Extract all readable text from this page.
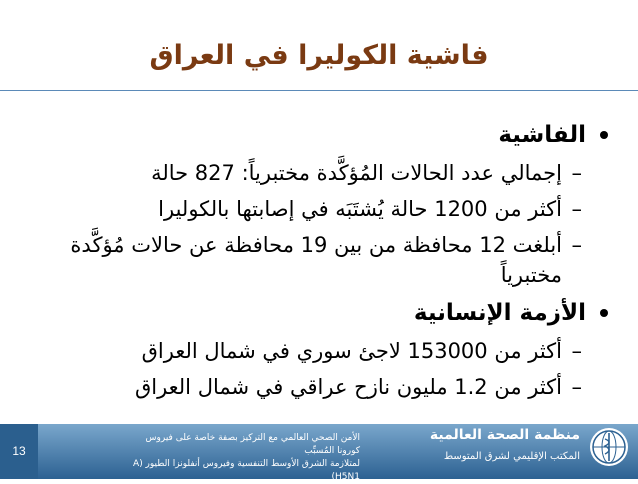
فاشية الكوليرا في العراق
الفاشية
–
إجمالي عدد الحالات المُؤكَّدة مختبرياً: 827 حالة
–
أكثر من 1200 حالة يُشتَبَه في إصابتها بالكوليرا
–
أبلغت 12 محافظة من بين 19 محافظة عن حالات مُؤكَّدة مختبرياً
الأزمة الإنسانية
–
أكثر من 153000 لاجئ سوري في شمال العراق
–
أكثر من 1.2 مليون نازح عراقي في شمال العراق
13
الأمن الصحي العالمي مع التركيز بصفة خاصة على فيروس كورونا المُسبِّب
لمتلازمة الشرق الأوسط التنفسية وفيروس أنفلونزا الطيور (A (H5N1
منظمة الصحة العالمية
المكتب الإقليمي لشرق المتوسط
